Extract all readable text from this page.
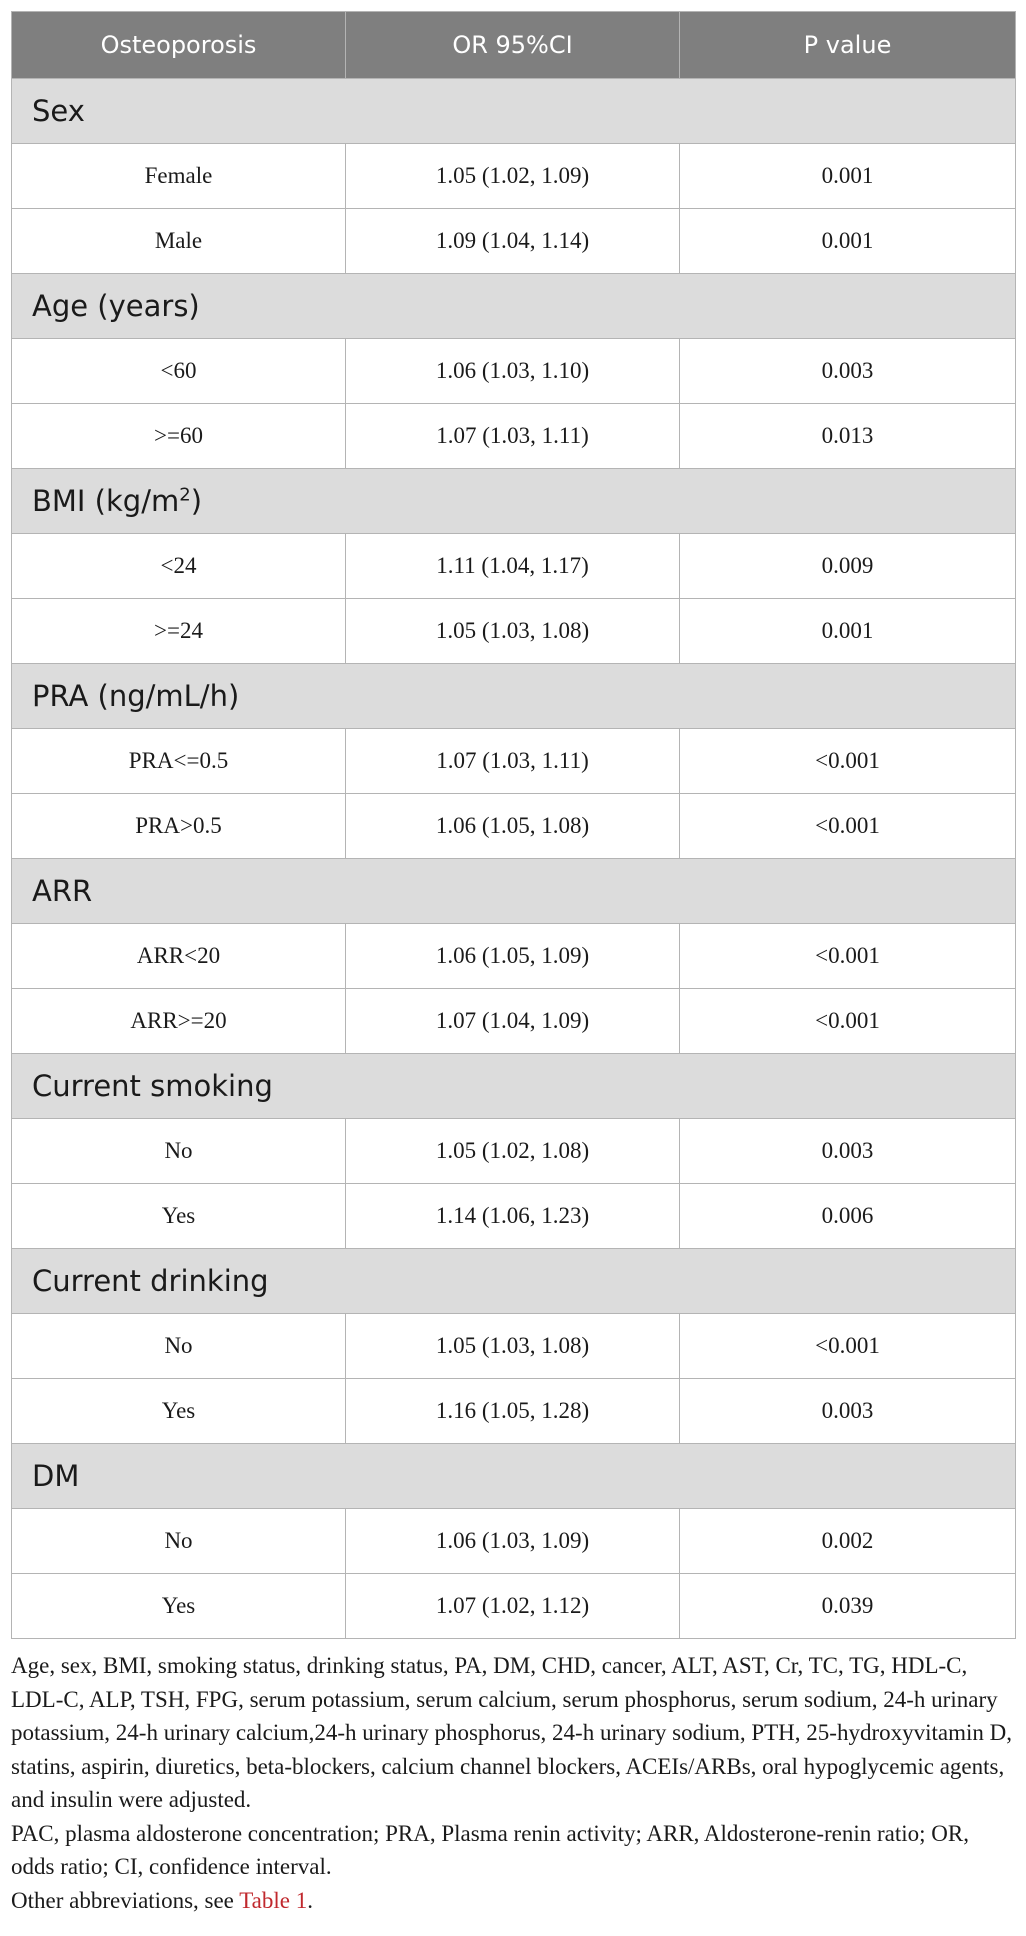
Osteoporosis	OR 95%CI	P value
Sex		
Female	1.05 (1.02, 1.09)	0.001
Male	1.09 (1.04, 1.14)	0.001
Age (years)		
<60	1.06 (1.03, 1.10)	0.003
>=60	1.07 (1.03, 1.11)	0.013
BMI $(kg/m^2)$		
<24	1.11 (1.04, 1.17)	0.009
>=24	1.05 (1.03, 1.08)	0.001
PRA (ng/mL/h)		
PRA<=0.5	1.07 (1.03, 1.11)	<0.001
PRA>0.5	1.06 (1.05, 1.08)	<0.001
ARR		
ARR<20	1.06 (1.05, 1.09)	<0.001
ARR>=20	1.07 (1.04, 1.09)	<0.001
Current smoking		
No	1.05 (1.02, 1.08)	0.003
Yes	1.14 (1.06, 1.23)	0.006
Current drinking		
No	1.05 (1.03, 1.08)	<0.001
Yes	1.16 (1.05, 1.28)	0.003
DM		
No	1.06 (1.03, 1.09)	0.002
Yes	1.07 (1.02, 1.12)	0.039

Age, sex, BMI, smoking status, drinking status, PA, DM, CHD, cancer, ALT, AST, Cr, TC, TG, HDL-C, LDL-C, ALP, TSH, FPG, serum potassium, serum calcium, serum phosphorus, serum sodium, 24-h urinary potassium, 24-h urinary calcium,24-h urinary phosphorus, 24-h urinary sodium, PTH, 25-hydroxyvitamin D, statins, aspirin, diuretics, beta-blockers, calcium channel blockers, ACEIs/ARBs, oral hypoglycemic agents, and insulin were adjusted.

PAC, plasma aldosterone concentration; PRA, Plasma renin activity; ARR, Aldosterone-renin ratio; OR, odds ratio; CI, confidence interval.

Other abbreviations, see Table 1.
